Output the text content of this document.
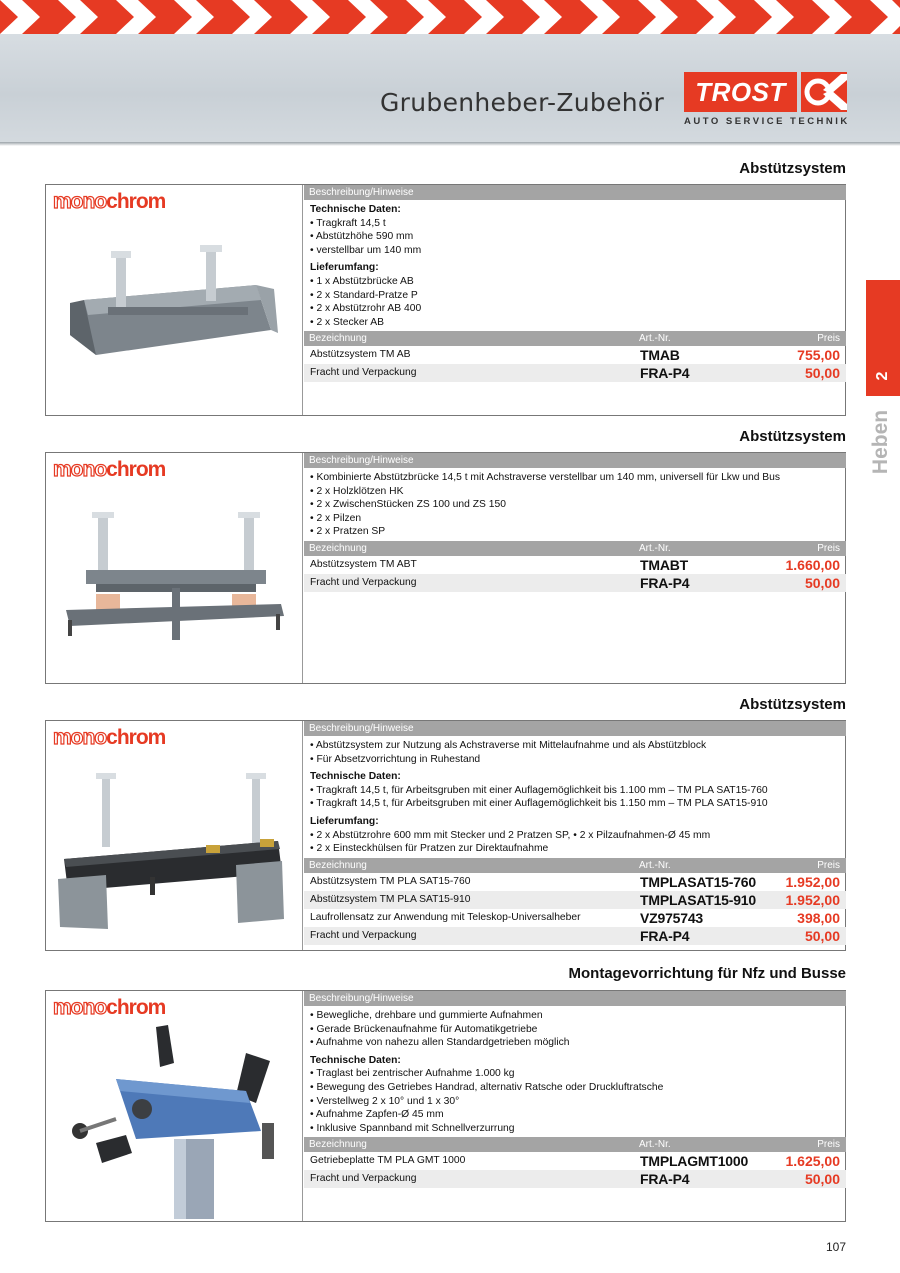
Grubenheber-Zubehör	TROST
AUTO SERVICE TECHNIK
2
Heben
Abstützsystem
monochrom	Beschreibung/Hinweise
Technische Daten:
• Tragkraft 14,5 t
• Abstützhöhe 590 mm
• verstellbar um 140 mm
Lieferumfang:
• 1 x Abstützbrücke AB
• 2 x Standard-Pratze P
• 2 x Abstützrohr AB 400
• 2 x Stecker AB
Bezeichnung	Art.-Nr.	Preis
Abstützsystem TM AB	TMAB	755,00
Fracht und Verpackung	FRA-P4	50,00
Abstützsystem
monochrom	Beschreibung/Hinweise
• Kombinierte Abstützbrücke 14,5 t mit Achstraverse verstellbar um 140 mm, universell für Lkw und Bus
• 2 x Holzklötzen HK
• 2 x ZwischenStücken ZS 100 und ZS 150
• 2 x Pilzen
• 2 x Pratzen SP
Bezeichnung	Art.-Nr.	Preis
Abstützsystem TM ABT	TMABT	1.660,00
Fracht und Verpackung	FRA-P4	50,00
Abstützsystem
monochrom	Beschreibung/Hinweise
• Abstützsystem zur Nutzung als Achstraverse mit Mittelaufnahme und als Abstützblock
• Für Absetzvorrichtung in Ruhestand
Technische Daten:
• Tragkraft 14,5 t, für Arbeitsgruben mit einer Auflagemöglichkeit bis 1.100 mm – TM PLA SAT15-760
• Tragkraft 14,5 t, für Arbeitsgruben mit einer Auflagemöglichkeit bis 1.150 mm – TM PLA SAT15-910
Lieferumfang:
• 2 x Abstützrohre 600 mm mit Stecker und 2 Pratzen SP, • 2 x Pilzaufnahmen-Ø 45 mm
• 2 x Einsteckhülsen für Pratzen zur Direktaufnahme
Bezeichnung	Art.-Nr.	Preis
Abstützsystem TM PLA SAT15-760	TMPLASAT15-760 1.952,00
Abstützsystem TM PLA SAT15-910	TMPLASAT15-910 1.952,00
Laufrollensatz zur Anwendung mit Teleskop-Universalheber	VZ975743	398,00
Fracht und Verpackung	FRA-P4	50,00
Montagevorrichtung für Nfz und Busse
monochrom	Beschreibung/Hinweise
• Bewegliche, drehbare und gummierte Aufnahmen
• Gerade Brückenaufnahme für Automatikgetriebe
• Aufnahme von nahezu allen Standardgetrieben möglich
Technische Daten:
• Traglast bei zentrischer Aufnahme 1.000 kg
• Bewegung des Getriebes Handrad, alternativ Ratsche oder Druckluftratsche
• Verstellweg 2 x 10° und 1 x 30°
• Aufnahme Zapfen-Ø 45 mm
• Inklusive Spannband mit Schnellverzurrung
Bezeichnung	Art.-Nr.	Preis
Getriebeplatte TM PLA GMT 1000	TMPLAGMT1000	1.625,00
Fracht und Verpackung	FRA-P4	50,00
107
